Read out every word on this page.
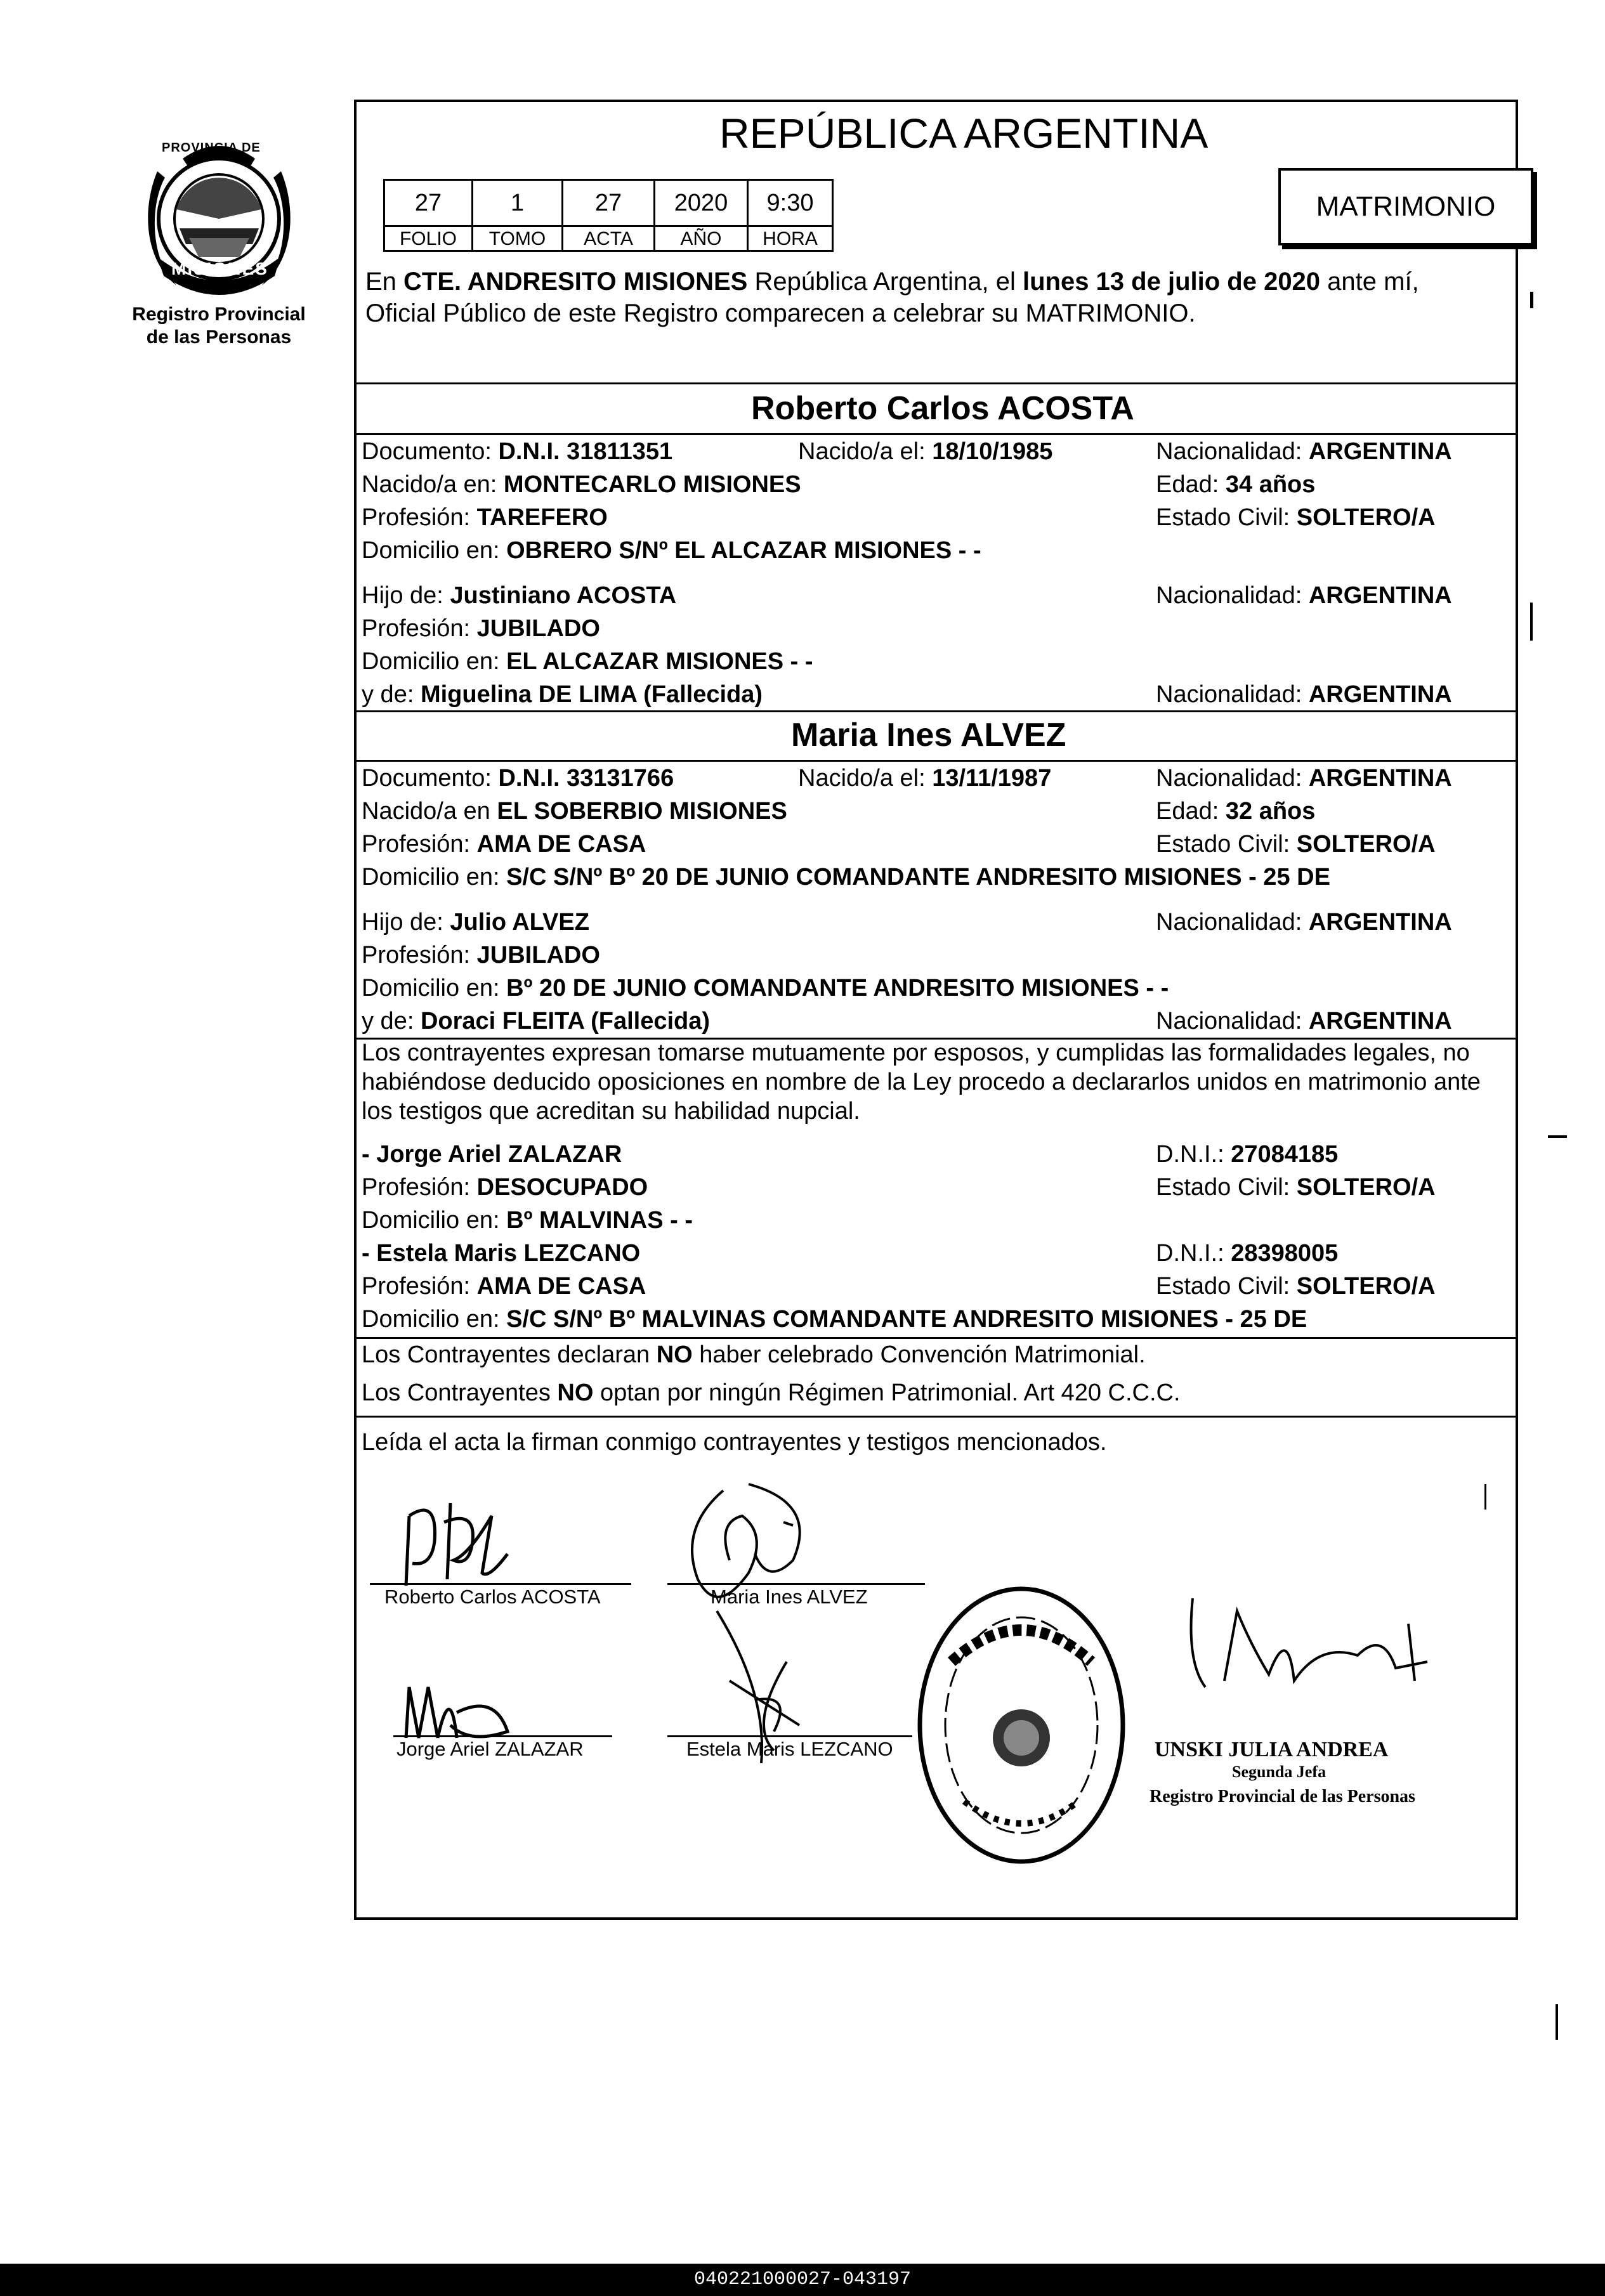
PROVINCIA DE
MISIONES
Registro Provincial
de las Personas
REPÚBLICA ARGENTINA
27	1	27	2020	9:30
FOLIO	TOMO	ACTA	AÑO	HORA
MATRIMONIO
En CTE. ANDRESITO MISIONES República Argentina, el lunes 13 de julio de 2020 ante mí,
Oficial Público de este Registro comparecen a celebrar su MATRIMONIO.
Roberto Carlos ACOSTA
Documento: D.N.I. 31811351	Nacido/a el: 18/10/1985	Nacionalidad: ARGENTINA
Nacido/a en: MONTECARLO MISIONES	Edad: 34 años
Profesión: TAREFERO	Estado Civil: SOLTERO/A
Domicilio en: OBRERO S/Nº EL ALCAZAR MISIONES - -
Hijo de: Justiniano ACOSTA	Nacionalidad: ARGENTINA
Profesión: JUBILADO
Domicilio en: EL ALCAZAR MISIONES - -
y de: Miguelina DE LIMA (Fallecida)	Nacionalidad: ARGENTINA
Maria Ines ALVEZ
Documento: D.N.I. 33131766	Nacido/a el: 13/11/1987	Nacionalidad: ARGENTINA
Nacido/a en EL SOBERBIO MISIONES	Edad: 32 años
Profesión: AMA DE CASA	Estado Civil: SOLTERO/A
Domicilio en: S/C S/Nº Bº 20 DE JUNIO COMANDANTE ANDRESITO MISIONES - 25 DE
Hijo de: Julio ALVEZ	Nacionalidad: ARGENTINA
Profesión: JUBILADO
Domicilio en: Bº 20 DE JUNIO COMANDANTE ANDRESITO MISIONES - -
y de: Doraci FLEITA (Fallecida)	Nacionalidad: ARGENTINA
Los contrayentes expresan tomarse mutuamente por esposos, y cumplidas las formalidades legales, no
habiéndose deducido oposiciones en nombre de la Ley procedo a declararlos unidos en matrimonio ante
los testigos que acreditan su habilidad nupcial.
- Jorge Ariel ZALAZAR	D.N.I.: 27084185
Profesión: DESOCUPADO	Estado Civil: SOLTERO/A
Domicilio en: Bº MALVINAS - -
- Estela Maris LEZCANO	D.N.I.: 28398005
Profesión: AMA DE CASA	Estado Civil: SOLTERO/A
Domicilio en: S/C S/Nº Bº MALVINAS COMANDANTE ANDRESITO MISIONES - 25 DE
Los Contrayentes declaran NO haber celebrado Convención Matrimonial.
Los Contrayentes NO optan por ningún Régimen Patrimonial. Art 420 C.C.C.
Leída el acta la firman conmigo contrayentes y testigos mencionados.
Roberto Carlos ACOSTA	Maria Ines ALVEZ
Jorge Ariel ZALAZAR	Estela Maris LEZCANO	UNSKI JULIA ANDREA
Segunda Jefa
Registro Provincial de las Personas
040221000027-043197
